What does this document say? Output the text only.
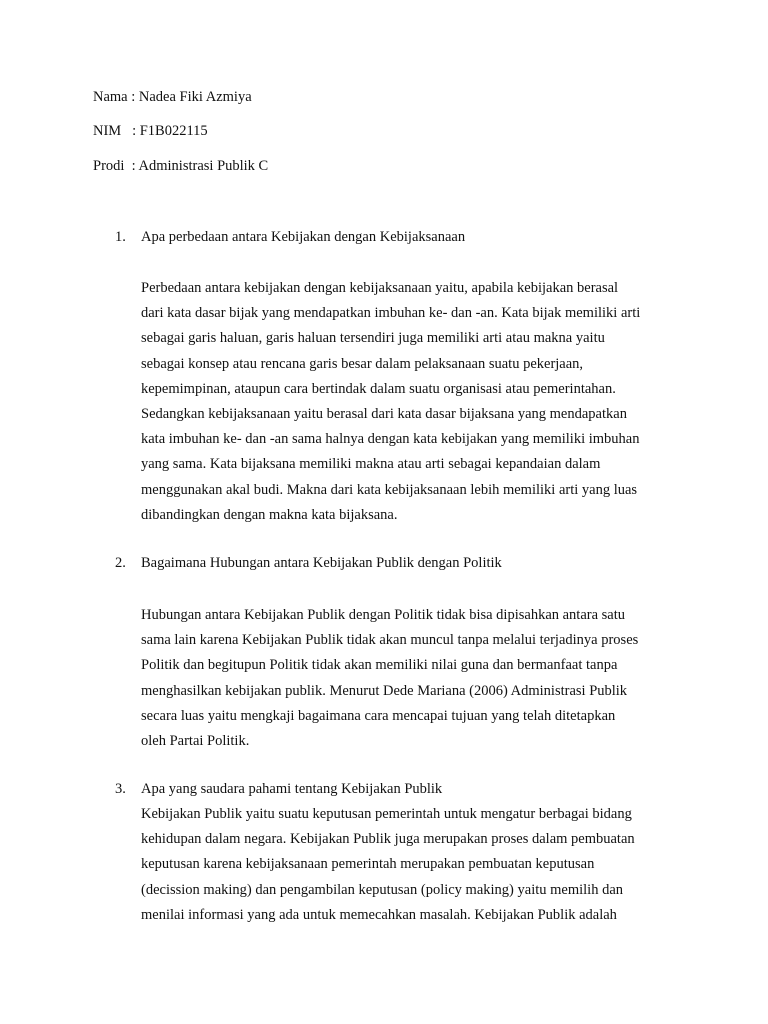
Nama : Nadea Fiki Azmiya
NIM   : F1B022115
Prodi  : Administrasi Publik C
1. Apa perbedaan antara Kebijakan dengan Kebijaksanaan
Perbedaan antara kebijakan dengan kebijaksanaan yaitu, apabila kebijakan berasal
dari kata dasar bijak yang mendapatkan imbuhan ke- dan -an. Kata bijak memiliki arti
sebagai garis haluan, garis haluan tersendiri juga memiliki arti atau makna yaitu
sebagai konsep atau rencana garis besar dalam pelaksanaan suatu pekerjaan,
kepemimpinan, ataupun cara bertindak dalam suatu organisasi atau pemerintahan.
Sedangkan kebijaksanaan yaitu berasal dari kata dasar bijaksana yang mendapatkan
kata imbuhan ke- dan -an sama halnya dengan kata kebijakan yang memiliki imbuhan
yang sama. Kata bijaksana memiliki makna atau arti sebagai kepandaian dalam
menggunakan akal budi. Makna dari kata kebijaksanaan lebih memiliki arti yang luas
dibandingkan dengan makna kata bijaksana.
2. Bagaimana Hubungan antara Kebijakan Publik dengan Politik
Hubungan antara Kebijakan Publik dengan Politik tidak bisa dipisahkan antara satu
sama lain karena Kebijakan Publik tidak akan muncul tanpa melalui terjadinya proses
Politik dan begitupun Politik tidak akan memiliki nilai guna dan bermanfaat tanpa
menghasilkan kebijakan publik. Menurut Dede Mariana (2006) Administrasi Publik
secara luas yaitu mengkaji bagaimana cara mencapai tujuan yang telah ditetapkan
oleh Partai Politik.
3. Apa yang saudara pahami tentang Kebijakan Publik
Kebijakan Publik yaitu suatu keputusan pemerintah untuk mengatur berbagai bidang
kehidupan dalam negara. Kebijakan Publik juga merupakan proses dalam pembuatan
keputusan karena kebijaksanaan pemerintah merupakan pembuatan keputusan
(decission making) dan pengambilan keputusan (policy making) yaitu memilih dan
menilai informasi yang ada untuk memecahkan masalah. Kebijakan Publik adalah
